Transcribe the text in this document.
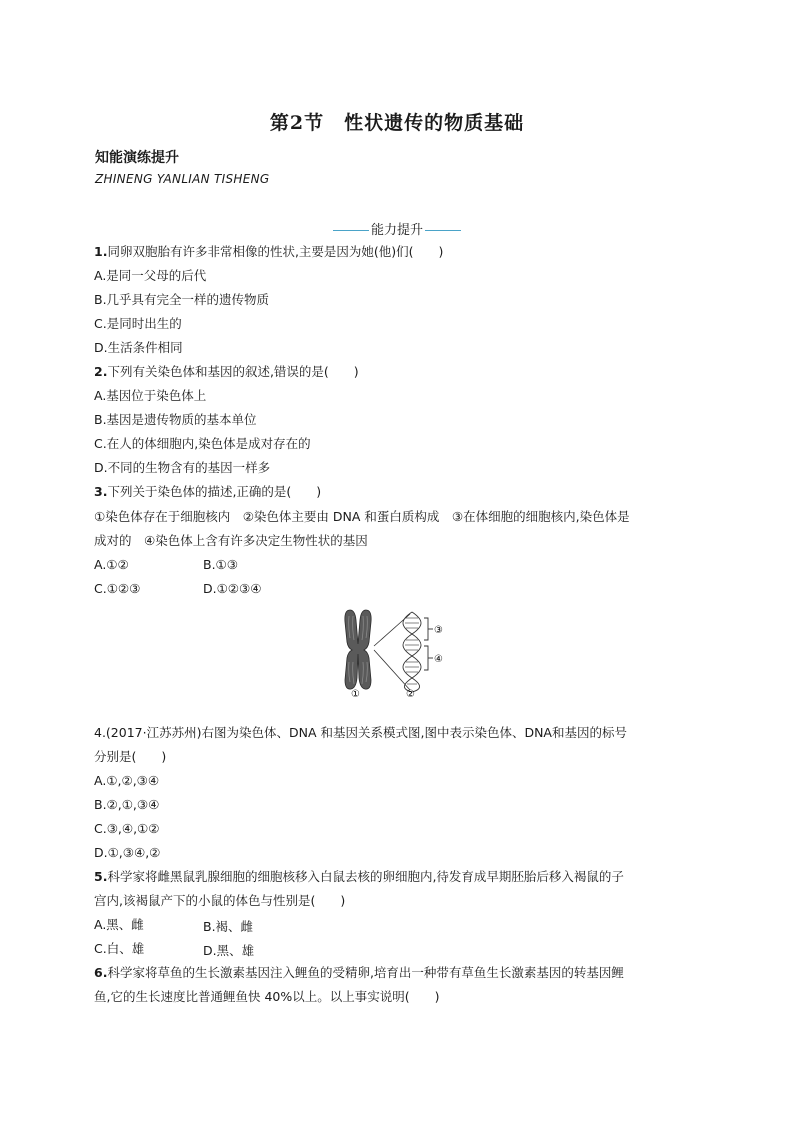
第2节　性状遗传的物质基础
知能演练提升
ZHINENG YANLIAN TISHENG
能力提升
1.同卵双胞胎有许多非常相像的性状,主要是因为她(他)们(　　)
A.是同一父母的后代
B.几乎具有完全一样的遗传物质
C.是同时出生的
D.生活条件相同
2.下列有关染色体和基因的叙述,错误的是(　　)
A.基因位于染色体上
B.基因是遗传物质的基本单位
C.在人的体细胞内,染色体是成对存在的
D.不同的生物含有的基因一样多
3.下列关于染色体的描述,正确的是(　　)
①染色体存在于细胞核内　②染色体主要由 DNA 和蛋白质构成　③在体细胞的细胞核内,染色体是
成对的　④染色体上含有许多决定生物性状的基因
A.①②	B.①③
C.①②③	D.①②③④
①	②
③
④
4.(2017·江苏苏州)右图为染色体、DNA 和基因关系模式图,图中表示染色体、DNA和基因的标号
分别是(　　)
A.①,②,③④
B.②,①,③④
C.③,④,①②
D.①,③④,②
5.科学家将雌黑鼠乳腺细胞的细胞核移入白鼠去核的卵细胞内,待发育成早期胚胎后移入褐鼠的子
宫内,该褐鼠产下的小鼠的体色与性别是(　　)
A.黑、雌	B.褐、雌
C.白、雄	D.黑、雄
6.科学家将草鱼的生长激素基因注入鲤鱼的受精卵,培育出一种带有草鱼生长激素基因的转基因鲤
鱼,它的生长速度比普通鲤鱼快 40%以上。以上事实说明(　　)
